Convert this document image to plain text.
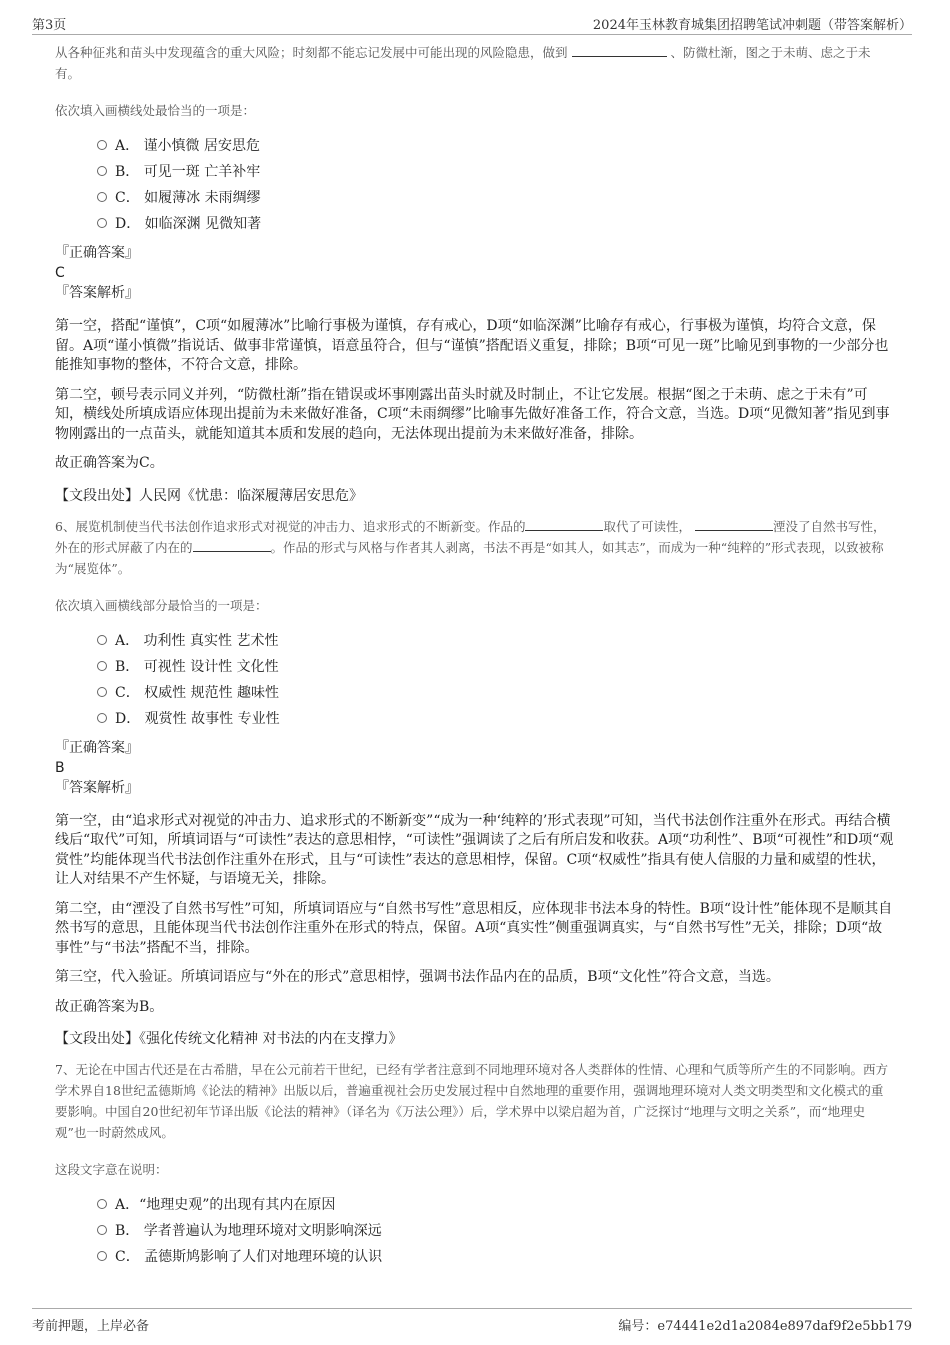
第3页	2024年玉林教育城集团招聘笔试冲刺题（带答案解析）

从各种征兆和苗头中发现蕴含的重大风险；时刻都不能忘记发展中可能出现的风险隐患，做到	、防微杜渐，图之于未萌、虑之于未有。

依次填入画横线处最恰当的一项是：

A． 谨小慎微 居安思危
B． 可见一斑 亡羊补牢
C． 如履薄冰 未雨绸缪
D． 如临深渊 见微知著
『正确答案』
C
『答案解析』

第一空，搭配“谨慎”，C项“如履薄冰”比喻行事极为谨慎，存有戒心，D项“如临深渊”比喻存有戒心，行事极为谨慎，均符合文意，保留。A项“谨小慎微”指说话、做事非常谨慎，语意虽符合，但与“谨慎”搭配语义重复，排除；B项“可见一斑”比喻见到事物的一少部分也能推知事物的整体，不符合文意，排除。

第二空，顿号表示同义并列，“防微杜渐”指在错误或坏事刚露出苗头时就及时制止，不让它发展。根据“图之于未萌、虑之于未有”可知，横线处所填成语应体现出提前为未来做好准备，C项“未雨绸缪”比喻事先做好准备工作，符合文意，当选。D项“见微知著”指见到事物刚露出的一点苗头，就能知道其本质和发展的趋向，无法体现出提前为未来做好准备，排除。

故正确答案为C。

【文段出处】人民网《忧患：临深履薄居安思危》

6、展览机制使当代书法创作追求形式对视觉的冲击力、追求形式的不断新变。作品的	取代了可读性，	湮没了自然书写性，外在的形式屏蔽了内在的	。作品的形式与风格与作者其人剥离，书法不再是“如其人，如其志”，而成为一种“纯粹的”形式表现，以致被称为“展览体”。

依次填入画横线部分最恰当的一项是：

A． 功利性 真实性 艺术性
B． 可视性 设计性 文化性
C． 权威性 规范性 趣味性
D． 观赏性 故事性 专业性
『正确答案』
B
『答案解析』

第一空，由“追求形式对视觉的冲击力、追求形式的不断新变”“成为一种‘纯粹的’形式表现”可知，当代书法创作注重外在形式。再结合横线后“取代”可知，所填词语与“可读性”表达的意思相悖，“可读性”强调读了之后有所启发和收获。A项“功利性”、B项“可视性”和D项“观赏性”均能体现当代书法创作注重外在形式，且与“可读性”表达的意思相悖，保留。C项“权威性”指具有使人信服的力量和威望的性状，让人对结果不产生怀疑，与语境无关，排除。

第二空，由“湮没了自然书写性”可知，所填词语应与“自然书写性”意思相反，应体现非书法本身的特性。B项“设计性”能体现不是顺其自然书写的意思，且能体现当代书法创作注重外在形式的特点，保留。A项“真实性”侧重强调真实，与“自然书写性”无关，排除；D项“故事性”与“书法”搭配不当，排除。

第三空，代入验证。所填词语应与“外在的形式”意思相悖，强调书法作品内在的品质，B项“文化性”符合文意，当选。

故正确答案为B。

【文段出处】《强化传统文化精神 对书法的内在支撑力》

7、无论在中国古代还是在古希腊，早在公元前若干世纪，已经有学者注意到不同地理环境对各人类群体的性情、心理和气质等所产生的不同影响。西方学术界自18世纪孟德斯鸠《论法的精神》出版以后，普遍重视社会历史发展过程中自然地理的重要作用，强调地理环境对人类文明类型和文化模式的重要影响。中国自20世纪初年节译出版《论法的精神》（译名为《万法公理》）后，学术界中以梁启超为首，广泛探讨“地理与文明之关系”，而“地理史观”也一时蔚然成风。

这段文字意在说明：

A．“地理史观”的出现有其内在原因
B． 学者普遍认为地理环境对文明影响深远
C． 孟德斯鸠影响了人们对地理环境的认识
考前押题，上岸必备	编号：e74441e2d1a2084e897daf9f2e5bb179
